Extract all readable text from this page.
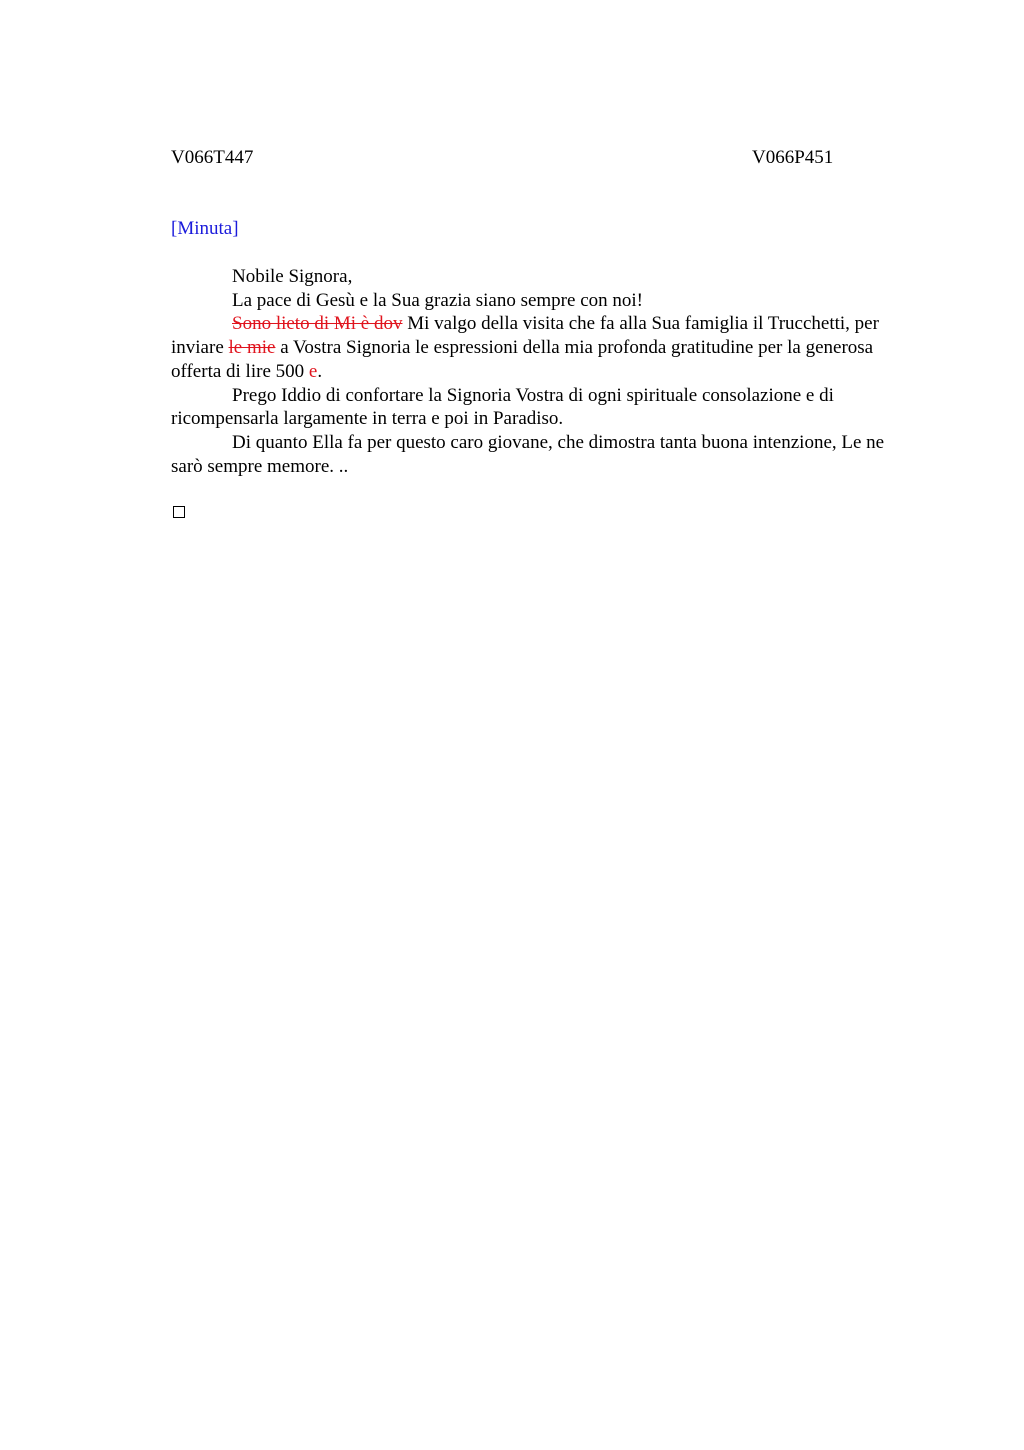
V066T447	V066P451
[Minuta]

Nobile Signora,

La pace di Gesù e la Sua grazia siano sempre con noi!

Sono lieto di Mi è dov Mi valgo della visita che fa alla Sua famiglia il Trucchetti, per inviare le mie a Vostra Signoria le espressioni della mia profonda gratitudine per la generosa offerta di lire 500 e.

Prego Iddio di confortare la Signoria Vostra di ogni spirituale consolazione e di ricompensarla largamente in terra e poi in Paradiso.

Di quanto Ella fa per questo caro giovane, che dimostra tanta buona intenzione, Le ne sarò sempre memore. ..
